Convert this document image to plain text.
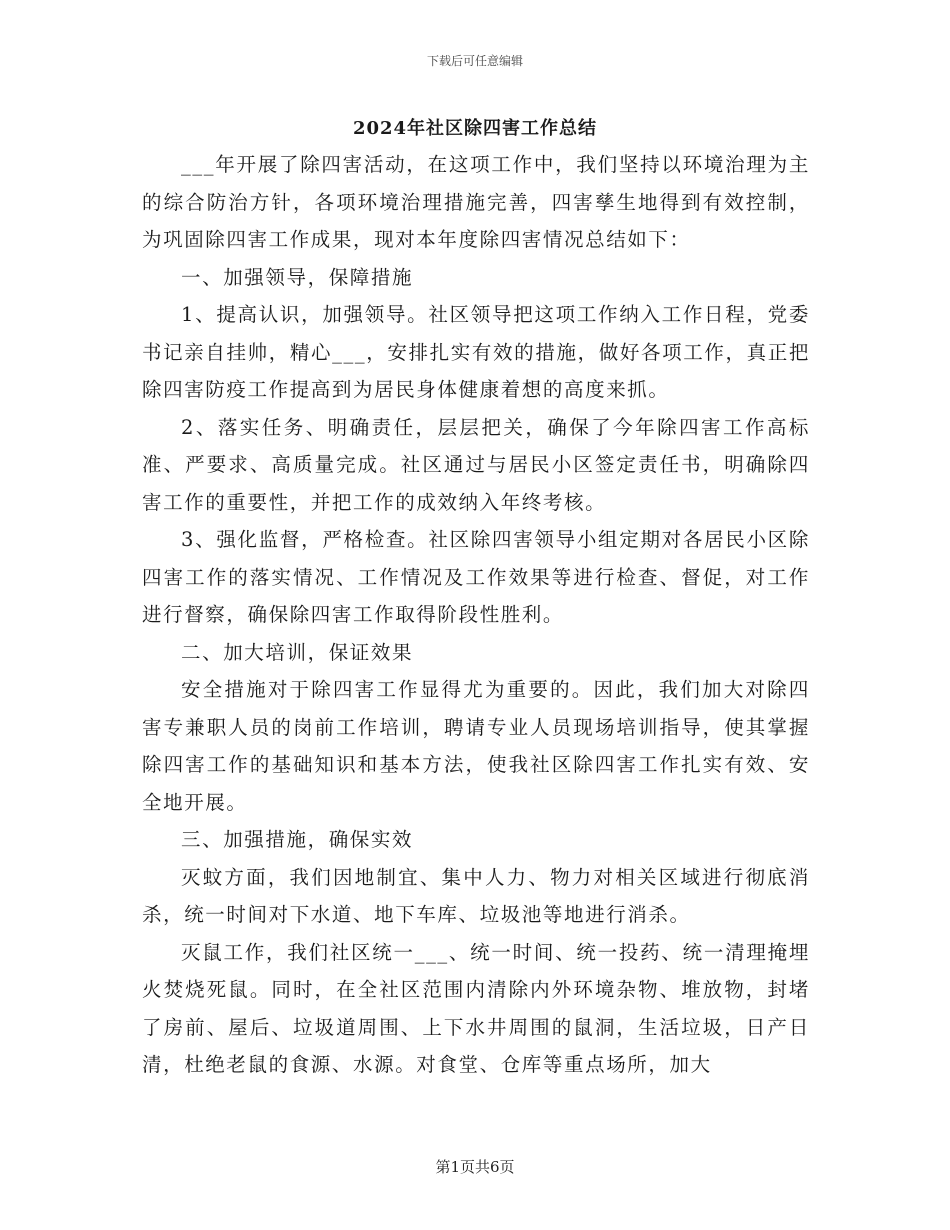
下载后可任意编辑
2024年社区除四害工作总结

___年开展了除四害活动，在这项工作中，我们坚持以环境治理为主的综合防治方针，各项环境治理措施完善，四害孳生地得到有效控制，为巩固除四害工作成果，现对本年度除四害情况总结如下：

一、加强领导，保障措施

1、提高认识，加强领导。社区领导把这项工作纳入工作日程，党委书记亲自挂帅，精心___，安排扎实有效的措施，做好各项工作，真正把除四害防疫工作提高到为居民身体健康着想的高度来抓。

2、落实任务、明确责任，层层把关，确保了今年除四害工作高标准、严要求、高质量完成。社区通过与居民小区签定责任书，明确除四害工作的重要性，并把工作的成效纳入年终考核。

3、强化监督，严格检查。社区除四害领导小组定期对各居民小区除四害工作的落实情况、工作情况及工作效果等进行检查、督促，对工作进行督察，确保除四害工作取得阶段性胜利。

二、加大培训，保证效果

安全措施对于除四害工作显得尤为重要的。因此，我们加大对除四害专兼职人员的岗前工作培训，聘请专业人员现场培训指导，使其掌握除四害工作的基础知识和基本方法，使我社区除四害工作扎实有效、安全地开展。

三、加强措施，确保实效

灭蚊方面，我们因地制宜、集中人力、物力对相关区域进行彻底消杀，统一时间对下水道、地下车库、垃圾池等地进行消杀。

灭鼠工作，我们社区统一___、统一时间、统一投药、统一清理掩埋火焚烧死鼠。同时，在全社区范围内清除内外环境杂物、堆放物，封堵了房前、屋后、垃圾道周围、上下水井周围的鼠洞，生活垃圾，日产日清，杜绝老鼠的食源、水源。对食堂、仓库等重点场所，加大

第1页共6页
